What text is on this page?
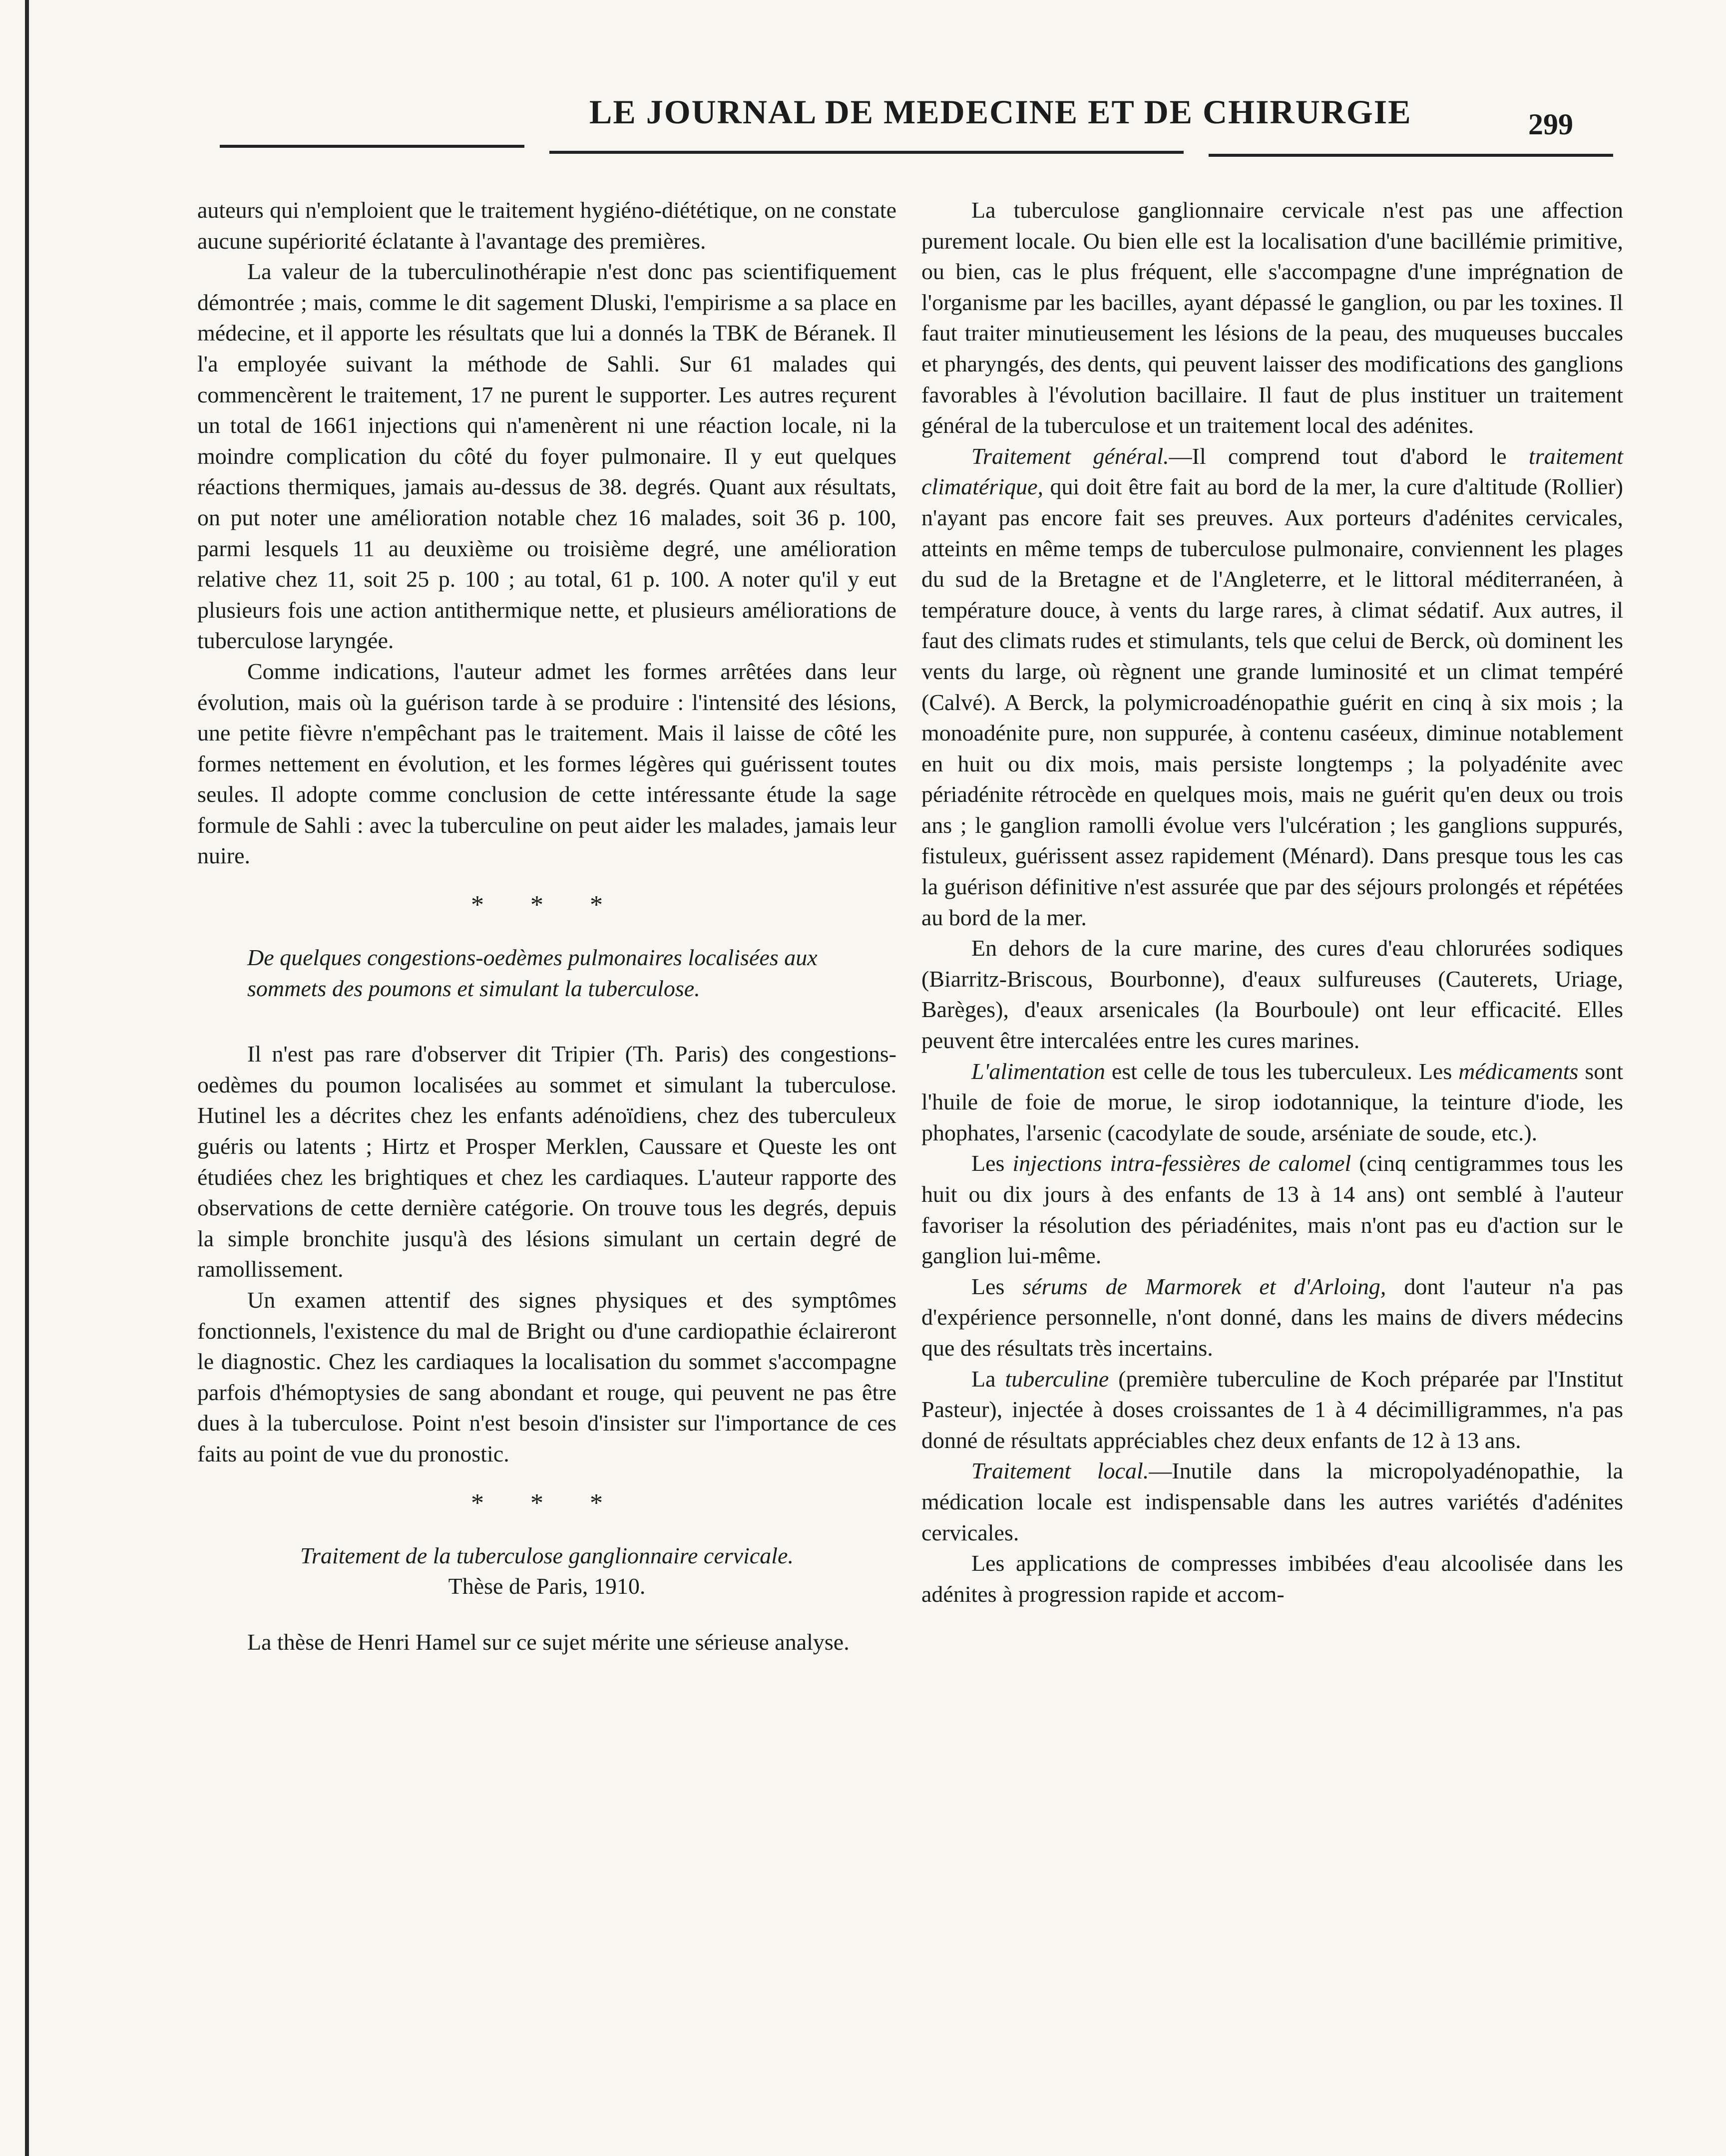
LE JOURNAL DE MEDECINE ET DE CHIRURGIE	299

auteurs qui n'emploient que le traitement hygiéno-diététique, on ne constate aucune supériorité éclatante à l'avantage des premières.

La valeur de la tuberculinothérapie n'est donc pas scientifiquement démontrée ; mais, comme le dit sagement Dluski, l'empirisme a sa place en médecine, et il apporte les résultats que lui a donnés la TBK de Béranek. Il l'a employée suivant la méthode de Sahli. Sur 61 malades qui commencèrent le traitement, 17 ne purent le supporter. Les autres reçurent un total de 1661 injections qui n'amenèrent ni une réaction locale, ni la moindre complication du côté du foyer pulmonaire. Il y eut quelques réactions thermiques, jamais au-dessus de 38. degrés. Quant aux résultats, on put noter une amélioration notable chez 16 malades, soit 36 p. 100, parmi lesquels 11 au deuxième ou troisième degré, une amélioration relative chez 11, soit 25 p. 100 ; au total, 61 p. 100. A noter qu'il y eut plusieurs fois une action antithermique nette, et plusieurs améliorations de tuberculose laryngée.

Comme indications, l'auteur admet les formes arrêtées dans leur évolution, mais où la guérison tarde à se produire : l'intensité des lésions, une petite fièvre n'empêchant pas le traitement. Mais il laisse de côté les formes nettement en évolution, et les formes légères qui guérissent toutes seules. Il adopte comme conclusion de cette intéressante étude la sage formule de Sahli : avec la tuberculine on peut aider les malades, jamais leur nuire.

* * *

De quelques congestions-oedèmes pulmonaires localisées aux sommets des poumons et simulant la tuberculose.

Il n'est pas rare d'observer dit Tripier (Th. Paris) des congestions-oedèmes du poumon localisées au sommet et simulant la tuberculose. Hutinel les a décrites chez les enfants adénoïdiens, chez des tuberculeux guéris ou latents ; Hirtz et Prosper Merklen, Caussare et Queste les ont étudiées chez les brightiques et chez les cardiaques. L'auteur rapporte des observations de cette dernière catégorie. On trouve tous les degrés, depuis la simple bronchite jusqu'à des lésions simulant un certain degré de ramollissement.

Un examen attentif des signes physiques et des symptômes fonctionnels, l'existence du mal de Bright ou d'une cardiopathie éclaireront le diagnostic. Chez les cardiaques la localisation du sommet s'accompagne parfois d'hémoptysies de sang abondant et rouge, qui peuvent ne pas être dues à la tuberculose. Point n'est besoin d'insister sur l'importance de ces faits au point de vue du pronostic.

* * *

Traitement de la tuberculose ganglionnaire cervicale.

Thèse de Paris, 1910.

La thèse de Henri Hamel sur ce sujet mérite une sérieuse analyse.

La tuberculose ganglionnaire cervicale n'est pas une affection purement locale. Ou bien elle est la localisation d'une bacillémie primitive, ou bien, cas le plus fréquent, elle s'accompagne d'une imprégnation de l'organisme par les bacilles, ayant dépassé le ganglion, ou par les toxines. Il faut traiter minutieusement les lésions de la peau, des muqueuses buccales et pharyngés, des dents, qui peuvent laisser des modifications des ganglions favorables à l'évolution bacillaire. Il faut de plus instituer un traitement général de la tuberculose et un traitement local des adénites.

Traitement général.—Il comprend tout d'abord le traitement climatérique, qui doit être fait au bord de la mer, la cure d'altitude (Rollier) n'ayant pas encore fait ses preuves. Aux porteurs d'adénites cervicales, atteints en même temps de tuberculose pulmonaire, conviennent les plages du sud de la Bretagne et de l'Angleterre, et le littoral méditerranéen, à température douce, à vents du large rares, à climat sédatif. Aux autres, il faut des climats rudes et stimulants, tels que celui de Berck, où dominent les vents du large, où règnent une grande luminosité et un climat tempéré (Calvé). A Berck, la polymicroadénopathie guérit en cinq à six mois ; la monoadénite pure, non suppurée, à contenu caséeux, diminue notablement en huit ou dix mois, mais persiste longtemps ; la polyadénite avec périadénite rétrocède en quelques mois, mais ne guérit qu'en deux ou trois ans ; le ganglion ramolli évolue vers l'ulcération ; les ganglions suppurés, fistuleux, guérissent assez rapidement (Ménard). Dans presque tous les cas la guérison définitive n'est assurée que par des séjours prolongés et répétées au bord de la mer.

En dehors de la cure marine, des cures d'eau chlorurées sodiques (Biarritz-Briscous, Bourbonne), d'eaux sulfureuses (Cauterets, Uriage, Barèges), d'eaux arsenicales (la Bourboule) ont leur efficacité. Elles peuvent être intercalées entre les cures marines.

L'alimentation est celle de tous les tuberculeux. Les médicaments sont l'huile de foie de morue, le sirop iodotannique, la teinture d'iode, les phophates, l'arsenic (cacodylate de soude, arséniate de soude, etc.).

Les injections intra-fessières de calomel (cinq centigrammes tous les huit ou dix jours à des enfants de 13 à 14 ans) ont semblé à l'auteur favoriser la résolution des périadénites, mais n'ont pas eu d'action sur le ganglion lui-même.

Les sérums de Marmorek et d'Arloing, dont l'auteur n'a pas d'expérience personnelle, n'ont donné, dans les mains de divers médecins que des résultats très incertains.

La tuberculine (première tuberculine de Koch préparée par l'Institut Pasteur), injectée à doses croissantes de 1 à 4 décimilligrammes, n'a pas donné de résultats appréciables chez deux enfants de 12 à 13 ans.

Traitement local.—Inutile dans la micropolyadénopathie, la médication locale est indispensable dans les autres variétés d'adénites cervicales.

Les applications de compresses imbibées d'eau alcoolisée dans les adénites à progression rapide et accom-
